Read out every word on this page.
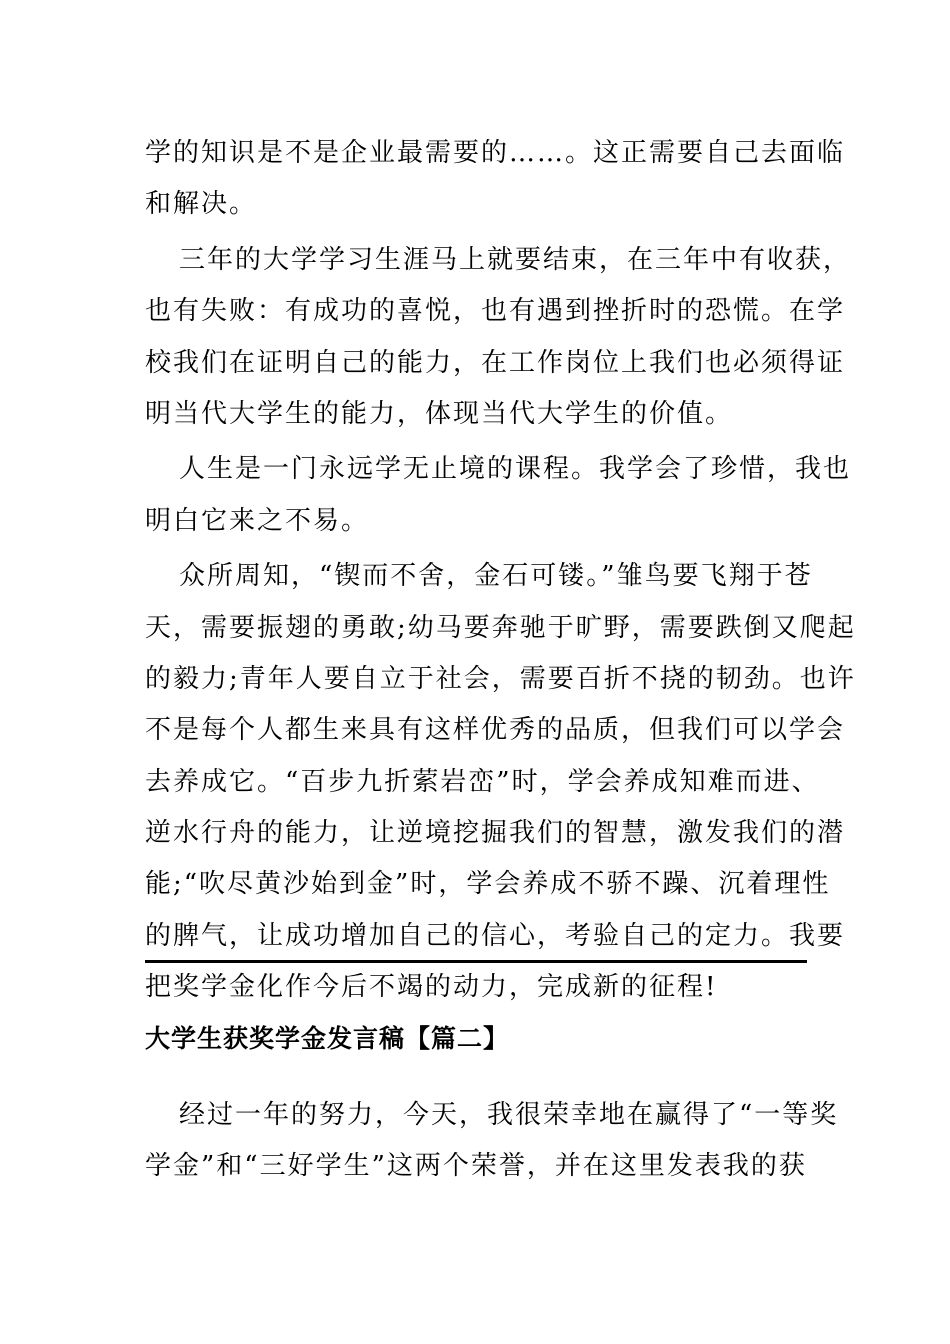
学的知识是不是企业最需要的……。这正需要自己去面临
和解决。
三年的大学学习生涯马上就要结束，在三年中有收获，
也有失败：有成功的喜悦，也有遇到挫折时的恐慌。在学
校我们在证明自己的能力，在工作岗位上我们也必须得证
明当代大学生的能力，体现当代大学生的价值。
人生是一门永远学无止境的课程。我学会了珍惜，我也
明白它来之不易。
众所周知，“锲而不舍，金石可镂。”雏鸟要飞翔于苍
天，需要振翅的勇敢;幼马要奔驰于旷野，需要跌倒又爬起
的毅力;青年人要自立于社会，需要百折不挠的韧劲。也许
不是每个人都生来具有这样优秀的品质，但我们可以学会
去养成它。“百步九折萦岩峦”时，学会养成知难而进、
逆水行舟的能力，让逆境挖掘我们的智慧，激发我们的潜
能;“吹尽黄沙始到金”时，学会养成不骄不躁、沉着理性
的脾气，让成功增加自己的信心，考验自己的定力。我要
把奖学金化作今后不竭的动力，完成新的征程!
大学生获奖学金发言稿【篇二】
经过一年的努力，今天，我很荣幸地在赢得了“一等奖
学金”和“三好学生”这两个荣誉，并在这里发表我的获
